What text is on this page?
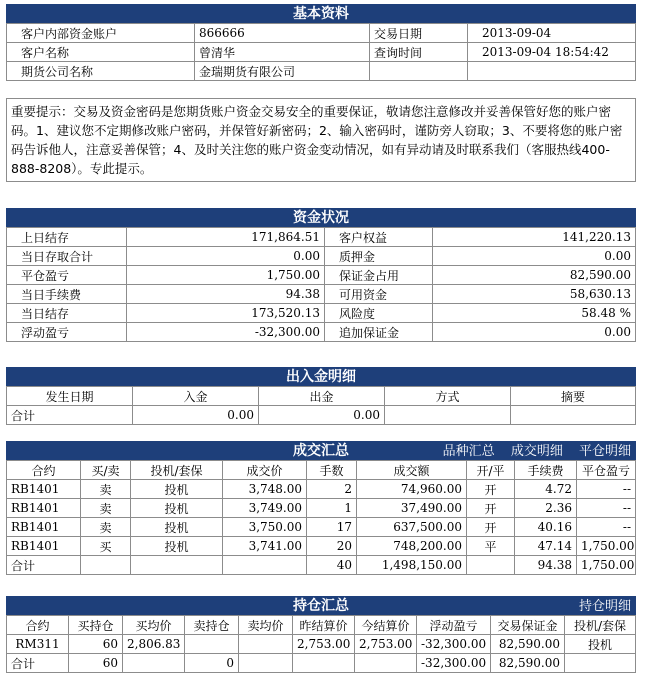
基本资料
客户内部资金账户	866666	交易日期	2013-09-04
客户名称	曾清华	查询时间	2013-09-04 18:54:42
期货公司名称	金瑞期货有限公司		
重要提示：交易及资金密码是您期货账户资金交易安全的重要保证，敬请您注意修改并妥善保管好您的账户密码。1、建议您不定期修改账户密码，并保管好新密码；2、输入密码时，谨防旁人窃取；3、不要将您的账户密码告诉他人，注意妥善保管；4、及时关注您的账户资金变动情况，如有异动请及时联系我们（客服热线400-888-8208）。专此提示。
资金状况
上日结存	171,864.51	客户权益	141,220.13
当日存取合计	0.00	质押金	0.00
平仓盈亏	1,750.00	保证金占用	82,590.00
当日手续费	94.38	可用资金	58,630.13
当日结存	173,520.13	风险度	58.48 %
浮动盈亏	-32,300.00	追加保证金	0.00
出入金明细
发生日期	入金	出金	方式	摘要
合计	0.00	0.00		
成交汇总	品种汇总 成交明细 平仓明细
合约	买/卖	投机/套保	成交价	手数	成交额	开/平	手续费	平仓盈亏
RB1401	卖	投机	3,748.00	2	74,960.00	开	4.72	--
RB1401	卖	投机	3,749.00	1	37,490.00	开	2.36	--
RB1401	卖	投机	3,750.00	17	637,500.00	开	40.16	--
RB1401	买	投机	3,741.00	20	748,200.00	平	47.14	1,750.00
合计				40	1,498,150.00		94.38	1,750.00
持仓汇总	持仓明细
合约	买持仓	买均价	卖持仓	卖均价	昨结算价	今结算价	浮动盈亏	交易保证金	投机/套保
RM311	60	2,806.83			2,753.00	2,753.00	-32,300.00	82,590.00	投机
合计	60		0				-32,300.00	82,590.00	
